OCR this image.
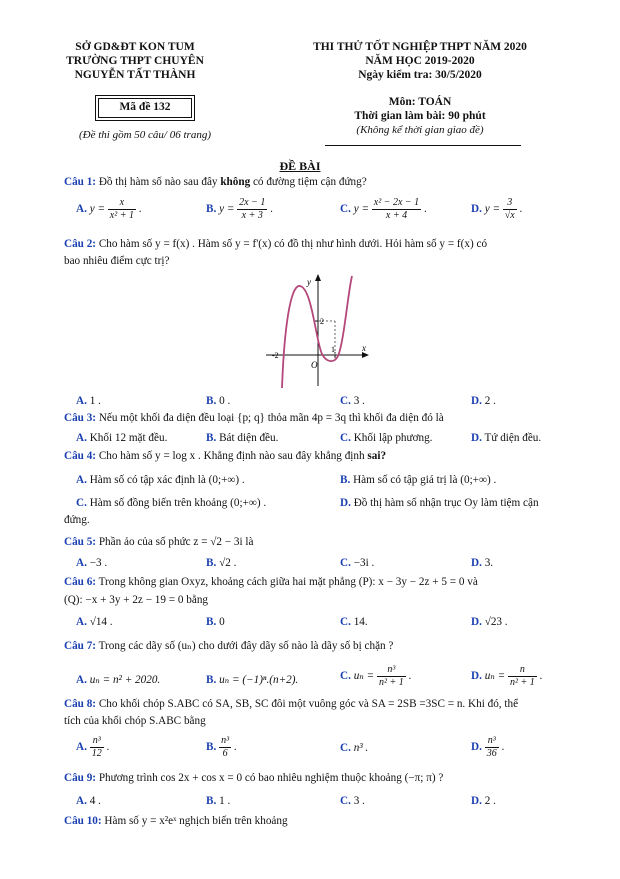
SỞ GD&ĐT KON TUM
TRƯỜNG THPT CHUYÊN
NGUYỄN TẤT THÀNH
Mã đề 132
(Đề thi gồm 50 câu/ 06 trang)
THI THỬ TỐT NGHIỆP THPT NĂM 2020
NĂM HỌC 2019-2020
Ngày kiểm tra: 30/5/2020
Môn: TOÁN
Thời gian làm bài: 90 phút
(Không kể thời gian giao đề)
ĐỀ BÀI
Câu 1: Đồ thị hàm số nào sau đây không có đường tiệm cận đứng?
A. $y = \frac{x}{\text{x² + 1}}$ .	B. $y = \frac{2x - 1}{x + 3}$ .	C. $y = \frac{\text{x² − 2x − 1}}{x + 4}$ .	D. $y = \frac{3}{√x}$ .
Câu 2: Cho hàm số y = f(x) . Hàm số y = f'(x) có đồ thị như hình dưới. Hỏi hàm số y = f(x) có
bao nhiêu điểm cực trị?
y
x
O
2
-2
1
A. 1 .	B. 0 .	C. 3 .	D. 2 .
Câu 3: Nếu một khối đa diện đều loại {p; q} thỏa mãn 4p = 3q thì khối đa diện đó là
A. Khối 12 mặt đều.	B. Bát diện đều.	C. Khối lập phương.	D. Tứ diện đều.
Câu 4: Cho hàm số y = log x . Khẳng định nào sau đây khẳng định sai?
A. Hàm số có tập xác định là (0;+∞) .	B. Hàm số có tập giá trị là (0;+∞) .
C. Hàm số đồng biến trên khoảng (0;+∞) .	D. Đồ thị hàm số nhận trục Oy làm tiệm cận
đứng.
Câu 5: Phần ảo của số phức z = √2 − 3i là
A. −3 .	B. √2 .	C. −3i .	D. 3.
Câu 6: Trong không gian Oxyz, khoảng cách giữa hai mặt phẳng (P): x − 3y − 2z + 5 = 0 và
(Q): −x + 3y + 2z − 19 = 0 bằng
A. √14 .	B. 0	C. 14.	D. √23 .
Câu 7: Trong các dãy số (uₙ) cho dưới đây dãy số nào là dãy số bị chặn ?
A. uₙ = n² + 2020.	B. uₙ = (−1)ⁿ.(n+2).	C. $u_n = \frac{\text{n³}}{\text{n² + 1}}$ .	D. $u_n = \frac{n}{\text{n² + 1}}$ .
Câu 8: Cho khối chóp S.ABC có SA, SB, SC đôi một vuông góc và SA = 2SB =3SC = n. Khi đó, thể
tích của khối chóp S.ABC bằng
A. $\frac{\text{n³}}{12}$ .	B. $\frac{\text{n³}}{6}$ .	C. n³ .	D. $\frac{\text{n³}}{36}$ .
Câu 9: Phương trình cos 2x + cos x = 0 có bao nhiêu nghiệm thuộc khoảng (−π; π) ?
A. 4 .	B. 1 .	C. 3 .	D. 2 .
Câu 10: Hàm số y = x²eˣ nghịch biến trên khoảng
